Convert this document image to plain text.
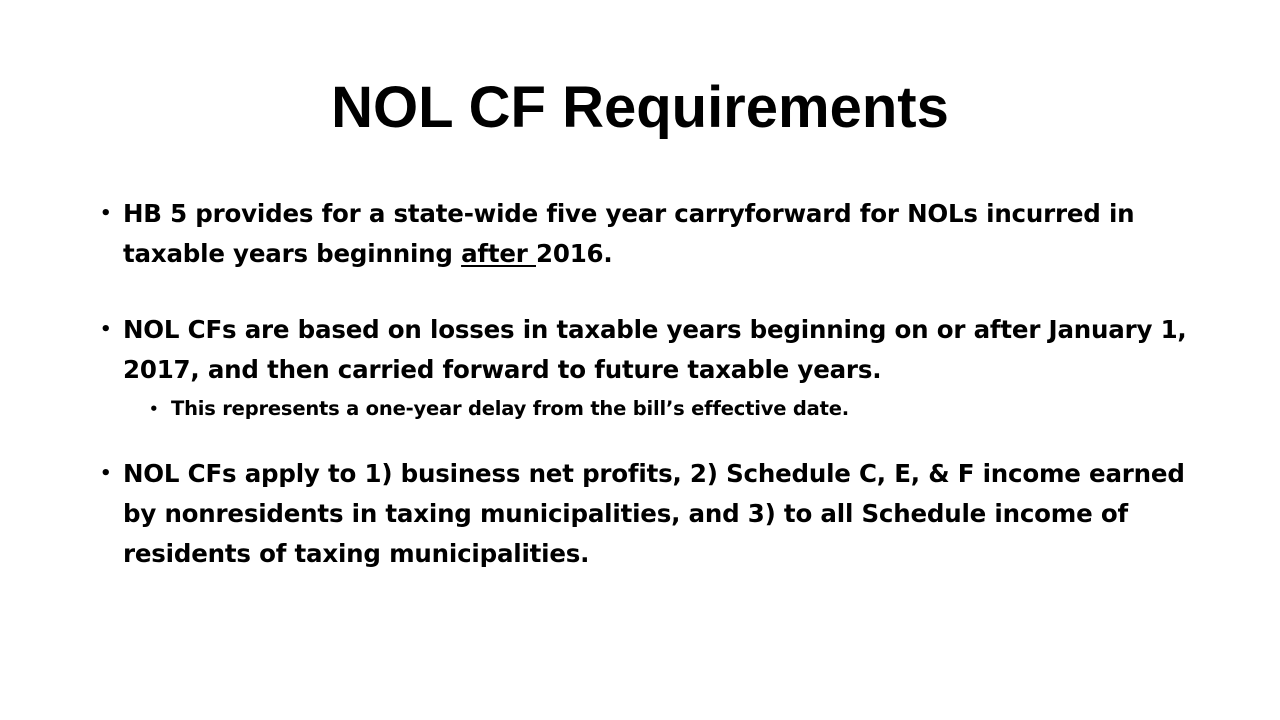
NOL CF Requirements
• HB 5 provides for a state-wide five year carryforward for NOLs incurred in taxable years beginning after 2016.
• NOL CFs are based on losses in taxable years beginning on or after January 1, 2017, and then carried forward to future taxable years.
• This represents a one-year delay from the bill’s effective date.
• NOL CFs apply to 1) business net profits, 2) Schedule C, E, & F income earned by nonresidents in taxing municipalities, and 3) to all Schedule income of residents of taxing municipalities.
